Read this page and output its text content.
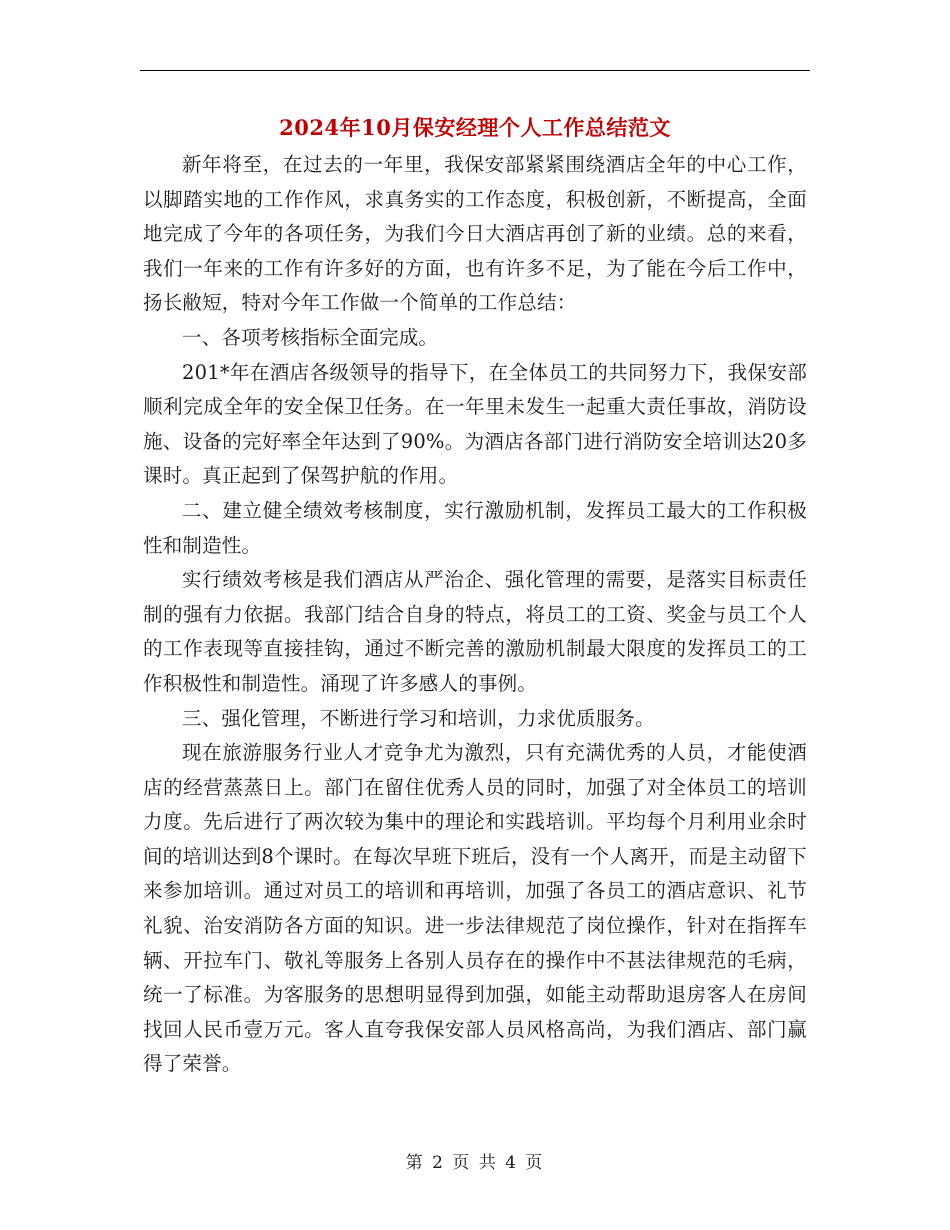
2024年10月保安经理个人工作总结范文

新年将至，在过去的一年里，我保安部紧紧围绕酒店全年的中心工作，以脚踏实地的工作作风，求真务实的工作态度，积极创新，不断提高，全面地完成了今年的各项任务，为我们今日大酒店再创了新的业绩。总的来看，我们一年来的工作有许多好的方面，也有许多不足，为了能在今后工作中，扬长敝短，特对今年工作做一个简单的工作总结：

一、各项考核指标全面完成。

201*年在酒店各级领导的指导下，在全体员工的共同努力下，我保安部顺利完成全年的安全保卫任务。在一年里未发生一起重大责任事故，消防设施、设备的完好率全年达到了90%。为酒店各部门进行消防安全培训达20多课时。真正起到了保驾护航的作用。

二、建立健全绩效考核制度，实行激励机制，发挥员工最大的工作积极性和制造性。

实行绩效考核是我们酒店从严治企、强化管理的需要，是落实目标责任制的强有力依据。我部门结合自身的特点，将员工的工资、奖金与员工个人的工作表现等直接挂钩，通过不断完善的激励机制最大限度的发挥员工的工作积极性和制造性。涌现了许多感人的事例。

三、强化管理，不断进行学习和培训，力求优质服务。

现在旅游服务行业人才竞争尤为激烈，只有充满优秀的人员，才能使酒店的经营蒸蒸日上。部门在留住优秀人员的同时，加强了对全体员工的培训力度。先后进行了两次较为集中的理论和实践培训。平均每个月利用业余时间的培训达到8个课时。在每次早班下班后，没有一个人离开，而是主动留下来参加培训。通过对员工的培训和再培训，加强了各员工的酒店意识、礼节礼貌、治安消防各方面的知识。进一步法律规范了岗位操作，针对在指挥车辆、开拉车门、敬礼等服务上各别人员存在的操作中不甚法律规范的毛病，统一了标准。为客服务的思想明显得到加强，如能主动帮助退房客人在房间找回人民币壹万元。客人直夸我保安部人员风格高尚，为我们酒店、部门赢得了荣誉。

第 2 页 共 4 页
